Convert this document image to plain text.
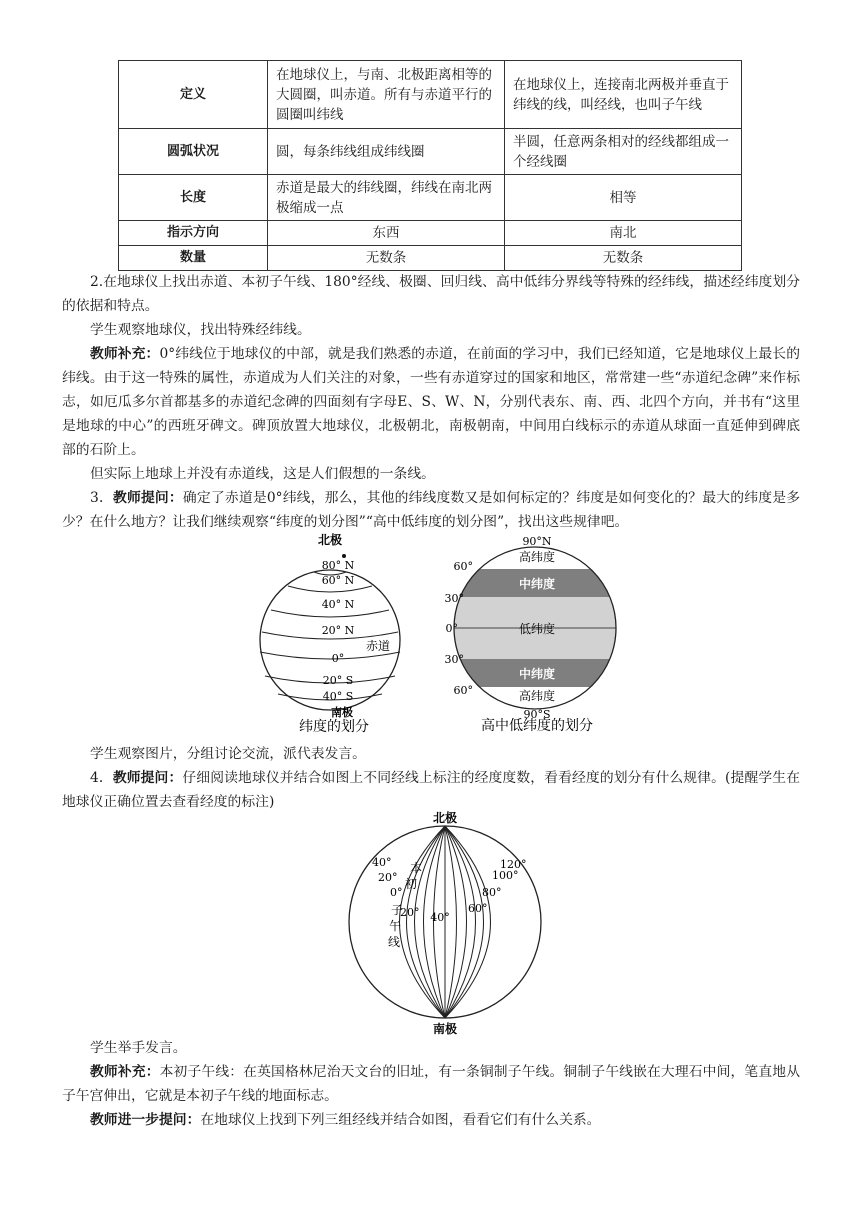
定义	在地球仪上，与南、北极距离相等的大圆圈，叫赤道。所有与赤道平行的圆圈叫纬线	在地球仪上，连接南北两极并垂直于纬线的线，叫经线，也叫子午线
圆弧状况	圆，每条纬线组成纬线圈	半圆，任意两条相对的经线都组成一个经线圈
长度	赤道是最大的纬线圈，纬线在南北两极缩成一点	相等
指示方向	东西	南北
数量	无数条	无数条

2.在地球仪上找出赤道、本初子午线、180°经线、极圈、回归线、高中低纬分界线等特殊的经纬线，描述经纬度划分的依据和特点。

学生观察地球仪，找出特殊经纬线。

教师补充：0°纬线位于地球仪的中部，就是我们熟悉的赤道，在前面的学习中，我们已经知道，它是地球仪上最长的纬线。由于这一特殊的属性，赤道成为人们关注的对象，一些有赤道穿过的国家和地区，常常建一些“赤道纪念碑”来作标志，如厄瓜多尔首都基多的赤道纪念碑的四面刻有字母E、S、W、N，分别代表东、南、西、北四个方向，并书有“这里是地球的中心”的西班牙碑文。碑顶放置大地球仪，北极朝北，南极朝南，中间用白线标示的赤道从球面一直延伸到碑底部的石阶上。

但实际上地球上并没有赤道线，这是人们假想的一条线。

3．教师提问：确定了赤道是0°纬线，那么，其他的纬线度数又是如何标定的？纬度是如何变化的？最大的纬度是多少？在什么地方？让我们继续观察“纬度的划分图”“高中低纬度的划分图”，找出这些规律吧。

北极
80° N
60° N
40° N
20° N
赤道
0°
20° S
40° S
南极
纬度的划分
90°N
高纬度
中纬度
低纬度
中纬度
高纬度
90°S
60°
30°
0°
30°
60°
高中低纬度的划分

学生观察图片，分组讨论交流，派代表发言。

4．教师提问：仔细阅读地球仪并结合如图上不同经线上标注的经度度数，看看经度的划分有什么规律。(提醒学生在地球仪正确位置去查看经度的标注)

北极
40°
20°
0°
20° 40°
60°
80°
100°
120°
本
初
子
午
线
南极

学生举手发言。

教师补充：本初子午线：在英国格林尼治天文台的旧址，有一条铜制子午线。铜制子午线嵌在大理石中间，笔直地从子午宫伸出，它就是本初子午线的地面标志。

教师进一步提问：在地球仪上找到下列三组经线并结合如图，看看它们有什么关系。
